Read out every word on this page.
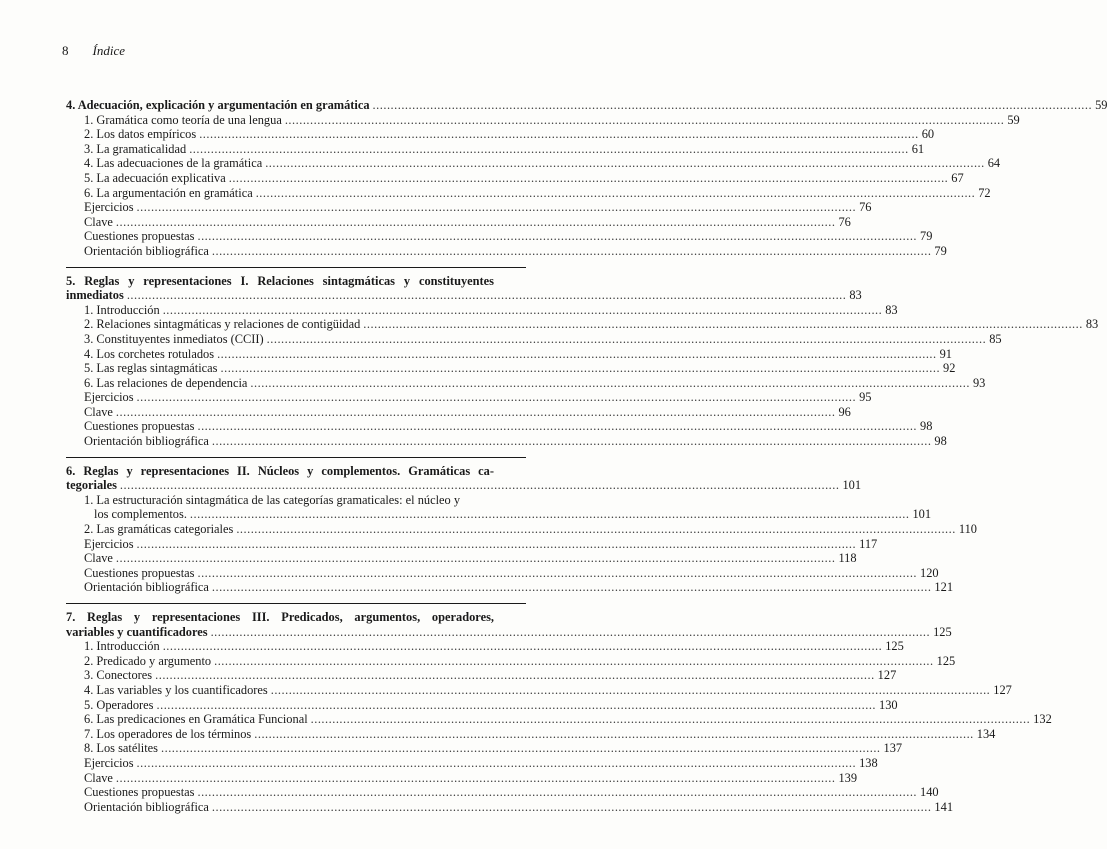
8 Índice
4. Adecuación, explicación y argumentación en gramática ........................................................................................................................................................................................................ 59
1. Gramática como teoría de una lengua ........................................................................................................................................................................................................ 59
2. Los datos empíricos ........................................................................................................................................................................................................ 60
3. La gramaticalidad ........................................................................................................................................................................................................ 61
4. Las adecuaciones de la gramática ........................................................................................................................................................................................................ 64
5. La adecuación explicativa ........................................................................................................................................................................................................ 67
6. La argumentación en gramática ........................................................................................................................................................................................................ 72
Ejercicios ........................................................................................................................................................................................................ 76
Clave ........................................................................................................................................................................................................ 76
Cuestiones propuestas ........................................................................................................................................................................................................ 79
Orientación bibliográfica ........................................................................................................................................................................................................ 79
5. Reglas y representaciones I. Relaciones sintagmáticas y constituyentes
inmediatos ........................................................................................................................................................................................................ 83
1. Introducción ........................................................................................................................................................................................................ 83
2. Relaciones sintagmáticas y relaciones de contigüidad ........................................................................................................................................................................................................ 83
3. Constituyentes inmediatos (CCII) ........................................................................................................................................................................................................ 85
4. Los corchetes rotulados ........................................................................................................................................................................................................ 91
5. Las reglas sintagmáticas ........................................................................................................................................................................................................ 92
6. Las relaciones de dependencia ........................................................................................................................................................................................................ 93
Ejercicios ........................................................................................................................................................................................................ 95
Clave ........................................................................................................................................................................................................ 96
Cuestiones propuestas ........................................................................................................................................................................................................ 98
Orientación bibliográfica ........................................................................................................................................................................................................ 98
6. Reglas y representaciones II. Núcleos y complementos. Gramáticas ca-
tegoriales ........................................................................................................................................................................................................ 101
1. La estructuración sintagmática de las categorías gramaticales: el núcleo y
los complementos. ........................................................................................................................................................................................................ 101
2. Las gramáticas categoriales ........................................................................................................................................................................................................ 110
Ejercicios ........................................................................................................................................................................................................ 117
Clave ........................................................................................................................................................................................................ 118
Cuestiones propuestas ........................................................................................................................................................................................................ 120
Orientación bibliográfica ........................................................................................................................................................................................................ 121
7. Reglas y representaciones III. Predicados, argumentos, operadores,
variables y cuantificadores ........................................................................................................................................................................................................ 125
1. Introducción ........................................................................................................................................................................................................ 125
2. Predicado y argumento ........................................................................................................................................................................................................ 125
3. Conectores ........................................................................................................................................................................................................ 127
4. Las variables y los cuantificadores ........................................................................................................................................................................................................ 127
5. Operadores ........................................................................................................................................................................................................ 130
6. Las predicaciones en Gramática Funcional ........................................................................................................................................................................................................ 132
7. Los operadores de los términos ........................................................................................................................................................................................................ 134
8. Los satélites ........................................................................................................................................................................................................ 137
Ejercicios ........................................................................................................................................................................................................ 138
Clave ........................................................................................................................................................................................................ 139
Cuestiones propuestas ........................................................................................................................................................................................................ 140
Orientación bibliográfica ........................................................................................................................................................................................................ 141
